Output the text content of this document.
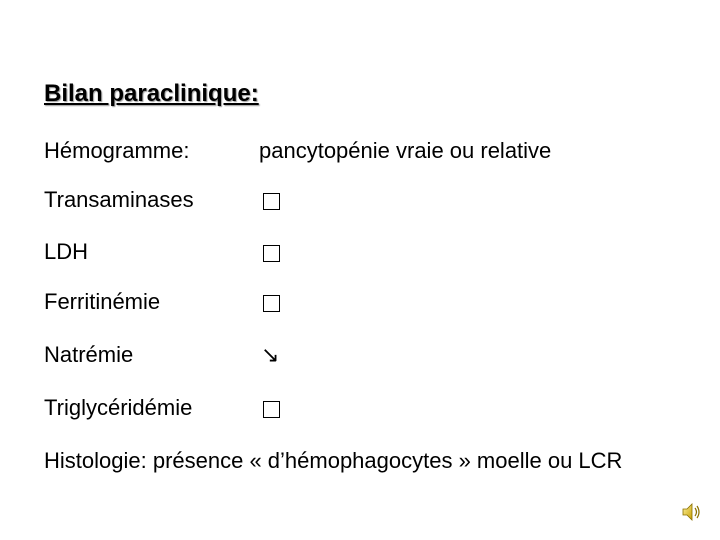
Bilan paraclinique:
Hémogramme:	pancytopénie vraie ou relative
Transaminases
LDH
Ferritinémie
Natrémie	↘
Triglycéridémie
Histologie: présence « d’hémophagocytes » moelle ou LCR
